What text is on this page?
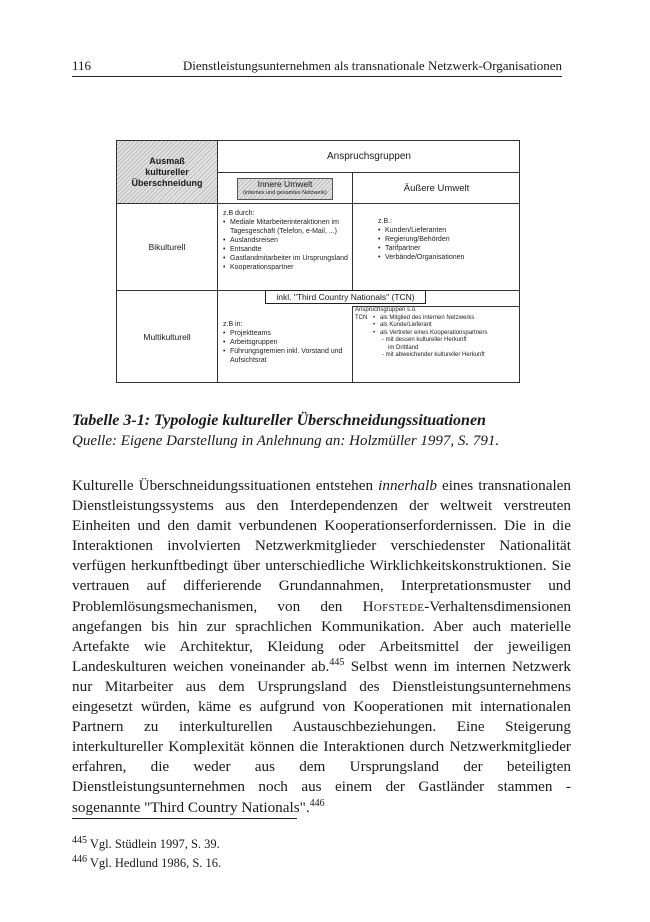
116	Dienstleistungsunternehmen als transnationale Netzwerk-Organisationen
Ausmaß kultureller Überschneidung
Anspruchsgruppen
Innere Umwelt
(internes und gesamtes Netzwerk)	Äußere Umwelt
Bikulturell
z.B durch:
• Mediale Mitarbeiterinteraktionen im Tagesgeschäft (Telefon, e-Mail, ...)
• Auslandsreisen
• Entsandte
• Gastlandmitarbeiter im Ursprungsland
• Kooperationspartner
z.B.:
• Kunden/Lieferanten
• Regierung/Behörden
• Tarifpartner
• Verbände/Organisationen
Multikulturell
inkl. "Third Country Nationals" (TCN)
z.B in:
• Projektteams
• Arbeitsgruppen
• Führungsgremien inkl. Vorstand und Aufsichtsrat
Anspruchsgruppen s.o.
TCN
•	als Mitglied des internen Netzwerks
• als Kunde/Lieferant
• als Vertreter eines Kooperationspartners
- mit dessen kultureller Herkunft
im Drittland
- mit abweichender kultureller Herkunft
Tabelle 3-1: Typologie kultureller Überschneidungssituationen
Quelle: Eigene Darstellung in Anlehnung an: Holzmüller 1997, S. 791.

Kulturelle Überschneidungssituationen entstehen innerhalb eines transnationalen Dienstleistungssystems aus den Interdependenzen der weltweit verstreuten Einheiten und den damit verbundenen Kooperationserfordernissen. Die in die Interaktionen involvierten Netzwerkmitglieder verschiedenster Nationalität verfügen herkunftbedingt über unterschiedliche Wirklichkeitskonstruktionen. Sie vertrauen auf differierende Grundannahmen, Interpretationsmuster und Problemlösungsmechanismen, von den Hofstede-Verhaltensdimensionen angefangen bis hin zur sprachlichen Kommunikation. Aber auch materielle Artefakte wie Architektur, Kleidung oder Arbeitsmittel der jeweiligen Landeskulturen weichen voneinander ab.$^{445}$ Selbst wenn im internen Netzwerk nur Mitarbeiter aus dem Ursprungsland des Dienstleistungsunternehmens eingesetzt würden, käme es aufgrund von Kooperationen mit internationalen Partnern zu interkulturellen Austauschbeziehungen. Eine Steigerung interkultureller Komplexität können die Interaktionen durch Netzwerkmitglieder erfahren, die weder aus dem Ursprungsland der beteiligten Dienstleistungsunternehmen noch aus einem der Gastländer stammen - sogenannte "Third Country Nationals".$^{446}$

$^{445}$ Vgl. Stüdlein 1997, S. 39.
$^{446}$ Vgl. Hedlund 1986, S. 16.
